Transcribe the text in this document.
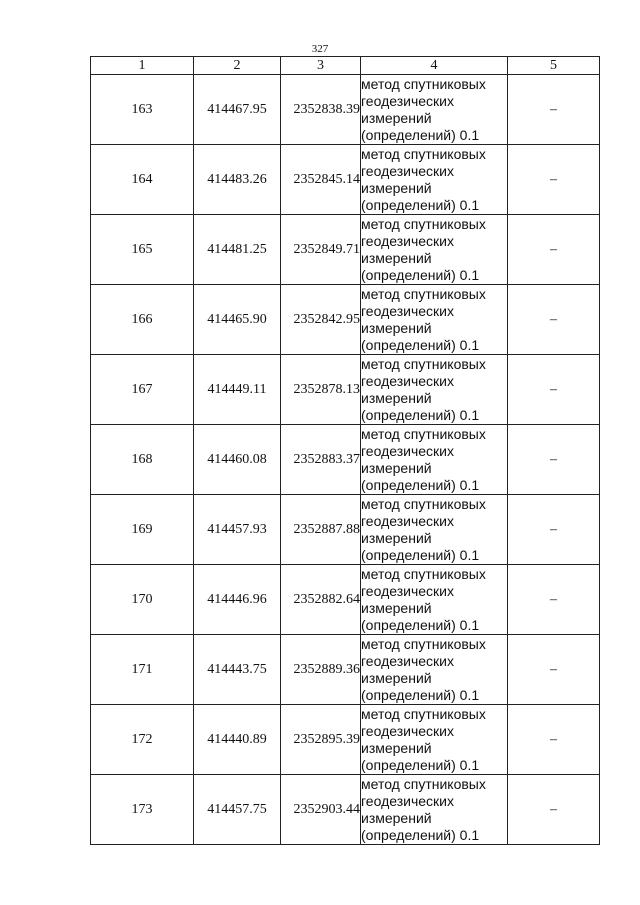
327
1	2	3	4	5
163	414467.95	2352838.39	метод спутниковых
геодезических
измерений
(определений) 0.1	–
164	414483.26	2352845.14	метод спутниковых
геодезических
измерений
(определений) 0.1	–
165	414481.25	2352849.71	метод спутниковых
геодезических
измерений
(определений) 0.1	–
166	414465.90	2352842.95	метод спутниковых
геодезических
измерений
(определений) 0.1	–
167	414449.11	2352878.13	метод спутниковых
геодезических
измерений
(определений) 0.1	–
168	414460.08	2352883.37	метод спутниковых
геодезических
измерений
(определений) 0.1	–
169	414457.93	2352887.88	метод спутниковых
геодезических
измерений
(определений) 0.1	–
170	414446.96	2352882.64	метод спутниковых
геодезических
измерений
(определений) 0.1	–
171	414443.75	2352889.36	метод спутниковых
геодезических
измерений
(определений) 0.1	–
172	414440.89	2352895.39	метод спутниковых
геодезических
измерений
(определений) 0.1	–
173	414457.75	2352903.44	метод спутниковых
геодезических
измерений
(определений) 0.1	–
